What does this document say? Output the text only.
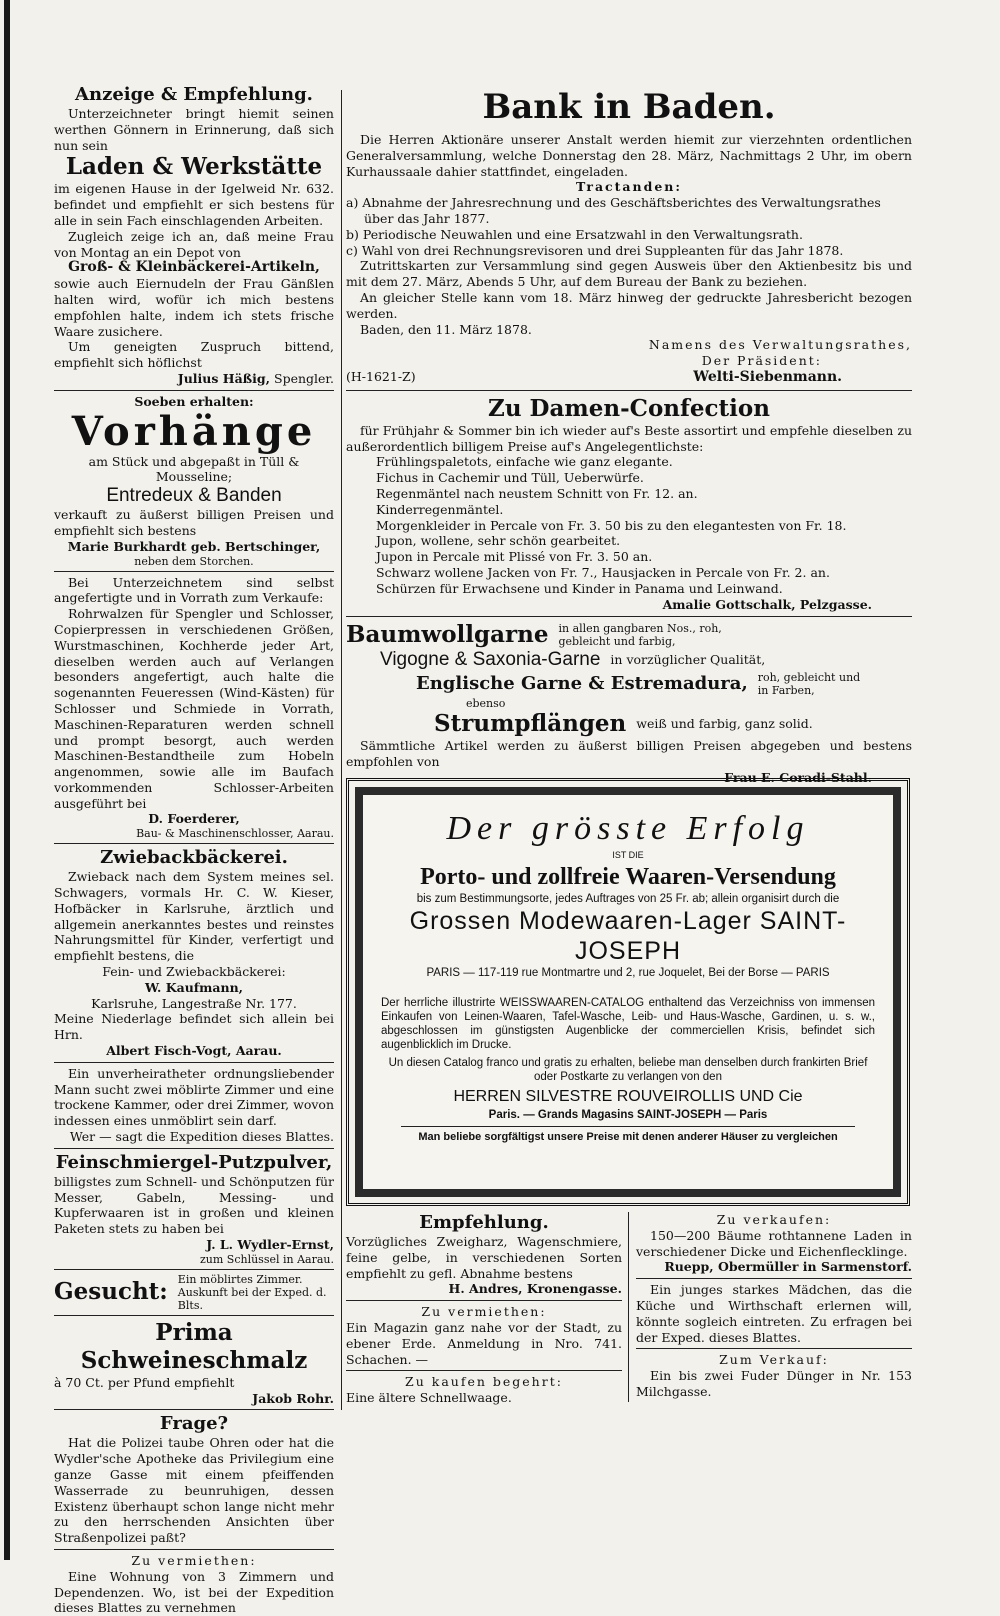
Anzeige & Empfehlung.
Unterzeichneter bringt hiemit seinen werthen Gönnern in Erinnerung, daß sich nun sein
Laden & Werkstätte
im eigenen Hause in der Igelweid Nr. 632. befindet und empfiehlt er sich bestens für alle in sein Fach einschlagenden Arbeiten.
Zugleich zeige ich an, daß meine Frau von Montag an ein Depot von
Groß- & Kleinbäckerei-Artikeln,
sowie auch Eiernudeln der Frau Gänßlen halten wird, wofür ich mich bestens empfohlen halte, indem ich stets frische Waare zusichere.
Um geneigten Zuspruch bittend, empfiehlt sich höflichst
Julius Häßig, Spengler.
Soeben erhalten:
Vorhänge
am Stück und abgepaßt in Tüll & Mousseline;
Entredeux & Banden
verkauft zu äußerst billigen Preisen und empfiehlt sich bestens
Marie Burkhardt geb. Bertschinger,
neben dem Storchen.
Bei Unterzeichnetem sind selbst angefertigte und in Vorrath zum Verkaufe:
Rohrwalzen für Spengler und Schlosser, Copierpressen in verschiedenen Größen, Wurstmaschinen, Kochherde jeder Art, dieselben werden auch auf Verlangen besonders angefertigt, auch halte die sogenannten Feueressen (Wind-Kästen) für Schlosser und Schmiede in Vorrath, Maschinen-Reparaturen werden schnell und prompt besorgt, auch werden Maschinen-Bestandtheile zum Hobeln angenommen, sowie alle im Baufach vorkommenden Schlosser-Arbeiten ausgeführt bei
D. Foerderer,
Bau- & Maschinenschlosser, Aarau.
Zwiebackbäckerei.
Zwieback nach dem System meines sel. Schwagers, vormals Hr. C. W. Kieser, Hofbäcker in Karlsruhe, ärztlich und allgemein anerkanntes bestes und reinstes Nahrungsmittel für Kinder, verfertigt und empfiehlt bestens, die
Fein- und Zwiebackbäckerei:
W. Kaufmann,
Karlsruhe, Langestraße Nr. 177.
Meine Niederlage befindet sich allein bei Hrn.
Albert Fisch-Vogt, Aarau.
Ein unverheiratheter ordnungsliebender Mann sucht zwei möblirte Zimmer und eine trockene Kammer, oder drei Zimmer, wovon indessen eines unmöblirt sein darf.
Wer — sagt die Expedition dieses Blattes.
Feinschmiergel-Putzpulver,
billigstes zum Schnell- und Schönputzen für Messer, Gabeln, Messing- und Kupferwaaren ist in großen und kleinen Paketen stets zu haben bei
J. L. Wydler-Ernst,
zum Schlüssel in Aarau.
Gesucht: Ein möblirtes Zimmer. Auskunft bei der Exped. d. Blts.
Prima Schweineschmalz
à 70 Ct. per Pfund empfiehlt
Jakob Rohr.
Frage?
Hat die Polizei taube Ohren oder hat die Wydler'sche Apotheke das Privilegium eine ganze Gasse mit einem pfeiffenden Wasserrade zu beunruhigen, dessen Existenz überhaupt schon lange nicht mehr zu den herrschenden Ansichten über Straßenpolizei paßt?
Zu vermiethen:
Eine Wohnung von 3 Zimmern und Dependenzen. Wo, ist bei der Expedition dieses Blattes zu vernehmen
Bank in Baden.
Die Herren Aktionäre unserer Anstalt werden hiemit zur vierzehnten ordentlichen Generalversammlung, welche Donnerstag den 28. März, Nachmittags 2 Uhr, im obern Kurhaussaale dahier stattfindet, eingeladen.
Tractanden:
a) Abnahme der Jahresrechnung und des Geschäftsberichtes des Verwaltungsrathes über das Jahr 1877.
b) Periodische Neuwahlen und eine Ersatzwahl in den Verwaltungsrath.
c) Wahl von drei Rechnungsrevisoren und drei Suppleanten für das Jahr 1878.
Zutrittskarten zur Versammlung sind gegen Ausweis über den Aktienbesitz bis und mit dem 27. März, Abends 5 Uhr, auf dem Bureau der Bank zu beziehen.
An gleicher Stelle kann vom 18. März hinweg der gedruckte Jahresbericht bezogen werden.
Baden, den 11. März 1878.
Namens des Verwaltungsrathes,
Der Präsident:
(H-1621-Z)	Welti-Siebenmann.
Zu Damen-Confection
für Frühjahr & Sommer bin ich wieder auf's Beste assortirt und empfehle dieselben zu außerordentlich billigem Preise auf's Angelegentlichste:
Frühlingspaletots, einfache wie ganz elegante.
Fichus in Cachemir und Tüll, Ueberwürfe.
Regenmäntel nach neustem Schnitt von Fr. 12. an.
Kinderregenmäntel.
Morgenkleider in Percale von Fr. 3. 50 bis zu den elegantesten von Fr. 18.
Jupon, wollene, sehr schön gearbeitet.
Jupon in Percale mit Plissé von Fr. 3. 50 an.
Schwarz wollene Jacken von Fr. 7., Hausjacken in Percale von Fr. 2. an.
Schürzen für Erwachsene und Kinder in Panama und Leinwand.
Amalie Gottschalk, Pelzgasse.
Baumwollgarne in allen gangbaren Nos., roh, gebleicht und farbig,
Vigogne & Saxonia-Garne in vorzüglicher Qualität,
Englische Garne & Estremadura, roh, gebleicht und in Farben,
ebenso
Strumpflängen weiß und farbig, ganz solid.
Sämmtliche Artikel werden zu äußerst billigen Preisen abgegeben und bestens empfohlen von
Frau E. Coradi-Stahl.
Der grösste Erfolg
IST DIE
Porto- und zollfreie Waaren-Versendung
bis zum Bestimmungsorte, jedes Auftrages von 25 Fr. ab; allein organisirt durch die
Grossen Modewaaren-Lager SAINT-JOSEPH
PARIS — 117-119 rue Montmartre und 2, rue Joquelet, Bei der Borse — PARIS
Der herrliche illustrirte WEISSWAAREN-CATALOG enthaltend das Verzeichniss von immensen Einkaufen von Leinen-Waaren, Tafel-Wasche, Leib- und Haus-Wasche, Gardinen, u. s. w., abgeschlossen im günstigsten Augenblicke der commerciellen Krisis, befindet sich augenblicklich im Drucke.
Un diesen Catalog franco und gratis zu erhalten, beliebe man denselben durch frankirten Brief oder Postkarte zu verlangen von den
HERREN SILVESTRE ROUVEIROLLIS UND Cie
Paris. — Grands Magasins SAINT-JOSEPH — Paris
Man beliebe sorgfältigst unsere Preise mit denen anderer Häuser zu vergleichen
Empfehlung.
Vorzügliches Zweigharz, Wagenschmiere, feine gelbe, in verschiedenen Sorten empfiehlt zu gefl. Abnahme bestens
H. Andres, Kronengasse.
Zu vermiethen:
Ein Magazin ganz nahe vor der Stadt, zu ebener Erde. Anmeldung in Nro. 741. Schachen. —
Zu kaufen begehrt:
Eine ältere Schnellwaage.
Zu verkaufen:
150—200 Bäume rothtannene Laden in verschiedener Dicke und Eichenflecklinge.
Ruepp, Obermüller in Sarmenstorf.
Ein junges starkes Mädchen, das die Küche und Wirthschaft erlernen will, könnte sogleich eintreten. Zu erfragen bei der Exped. dieses Blattes.
Zum Verkauf:
Ein bis zwei Fuder Dünger in Nr. 153 Milchgasse.
